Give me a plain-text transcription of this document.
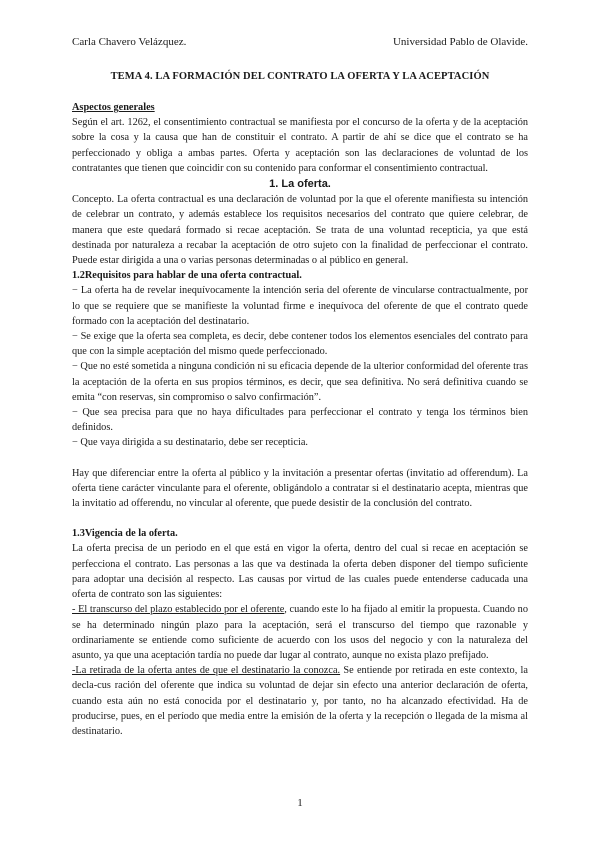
Carla Chavero Velázquez.	Universidad Pablo de Olavide.
TEMA 4. LA FORMACIÓN DEL CONTRATO LA OFERTA Y LA ACEPTACIÓN
Aspectos generales

Según el art. 1262, el consentimiento contractual se manifiesta por el concurso de la oferta y de la aceptación sobre la cosa y la causa que han de constituir el contrato. A partir de ahí se dice que el contrato se ha perfeccionado y obliga a ambas partes. Oferta y aceptación son las declaraciones de voluntad de los contratantes que tienen que coincidir con su contenido para conformar el consentimiento contractual.

1. La oferta.

Concepto. La oferta contractual es una declaración de voluntad por la que el oferente manifiesta su intención de celebrar un contrato, y además establece los requisitos necesarios del contrato que quiere celebrar, de manera que este quedará formado si recae aceptación. Se trata de una voluntad recepticia, ya que está destinada por naturaleza a recabar la aceptación de otro sujeto con la finalidad de perfeccionar el contrato. Puede estar dirigida a una o varias personas determinadas o al público en general.

1.2Requisitos para hablar de una oferta contractual.

− La oferta ha de revelar inequívocamente la intención seria del oferente de vincularse contractualmente, por lo que se requiere que se manifieste la voluntad firme e inequívoca del oferente de que el contrato quede formado con la aceptación del destinatario.

− Se exige que la oferta sea completa, es decir, debe contener todos los elementos esenciales del contrato para que con la simple aceptación del mismo quede perfeccionado.

− Que no esté sometida a ninguna condición ni su eficacia depende de la ulterior conformidad del oferente tras la aceptación de la oferta en sus propios términos, es decir, que sea definitiva. No será definitiva cuando se emita “con reservas, sin compromiso o salvo confirmación”.

− Que sea precisa para que no haya dificultades para perfeccionar el contrato y tenga los términos bien definidos.

− Que vaya dirigida a su destinatario, debe ser recepticia.

Hay que diferenciar entre la oferta al público y la invitación a presentar ofertas (invitatio ad offerendum). La oferta tiene carácter vinculante para el oferente, obligándolo a contratar si el destinatario acepta, mientras que la invitatio ad offerendu, no vincular al oferente, que puede desistir de la conclusión del contrato.

1.3Vigencia de la oferta.

La oferta precisa de un periodo en el que está en vigor la oferta, dentro del cual si recae en aceptación se perfecciona el contrato. Las personas a las que va destinada la oferta deben disponer del tiempo suficiente para adoptar una decisión al respecto. Las causas por virtud de las cuales puede entenderse caducada una oferta de contrato son las siguientes:

- El transcurso del plazo establecido por el oferente, cuando este lo ha fijado al emitir la propuesta. Cuando no se ha determinado ningún plazo para la aceptación, será el transcurso del tiempo que razonable y ordinariamente se entiende como suficiente de acuerdo con los usos del negocio y con la naturaleza del asunto, ya que una aceptación tardía no puede dar lugar al contrato, aunque no exista plazo prefijado.

-La retirada de la oferta antes de que el destinatario la conozca. Se entiende por retirada en este contexto, la decla-cus ración del oferente que indica su voluntad de dejar sin efecto una anterior declaración de oferta, cuando esta aún no está conocida por el destinatario y, por tanto, no ha alcanzado efectividad. Ha de producirse, pues, en el período que media entre la emisión de la oferta y la recepción o llegada de la misma al destinatario.

1
